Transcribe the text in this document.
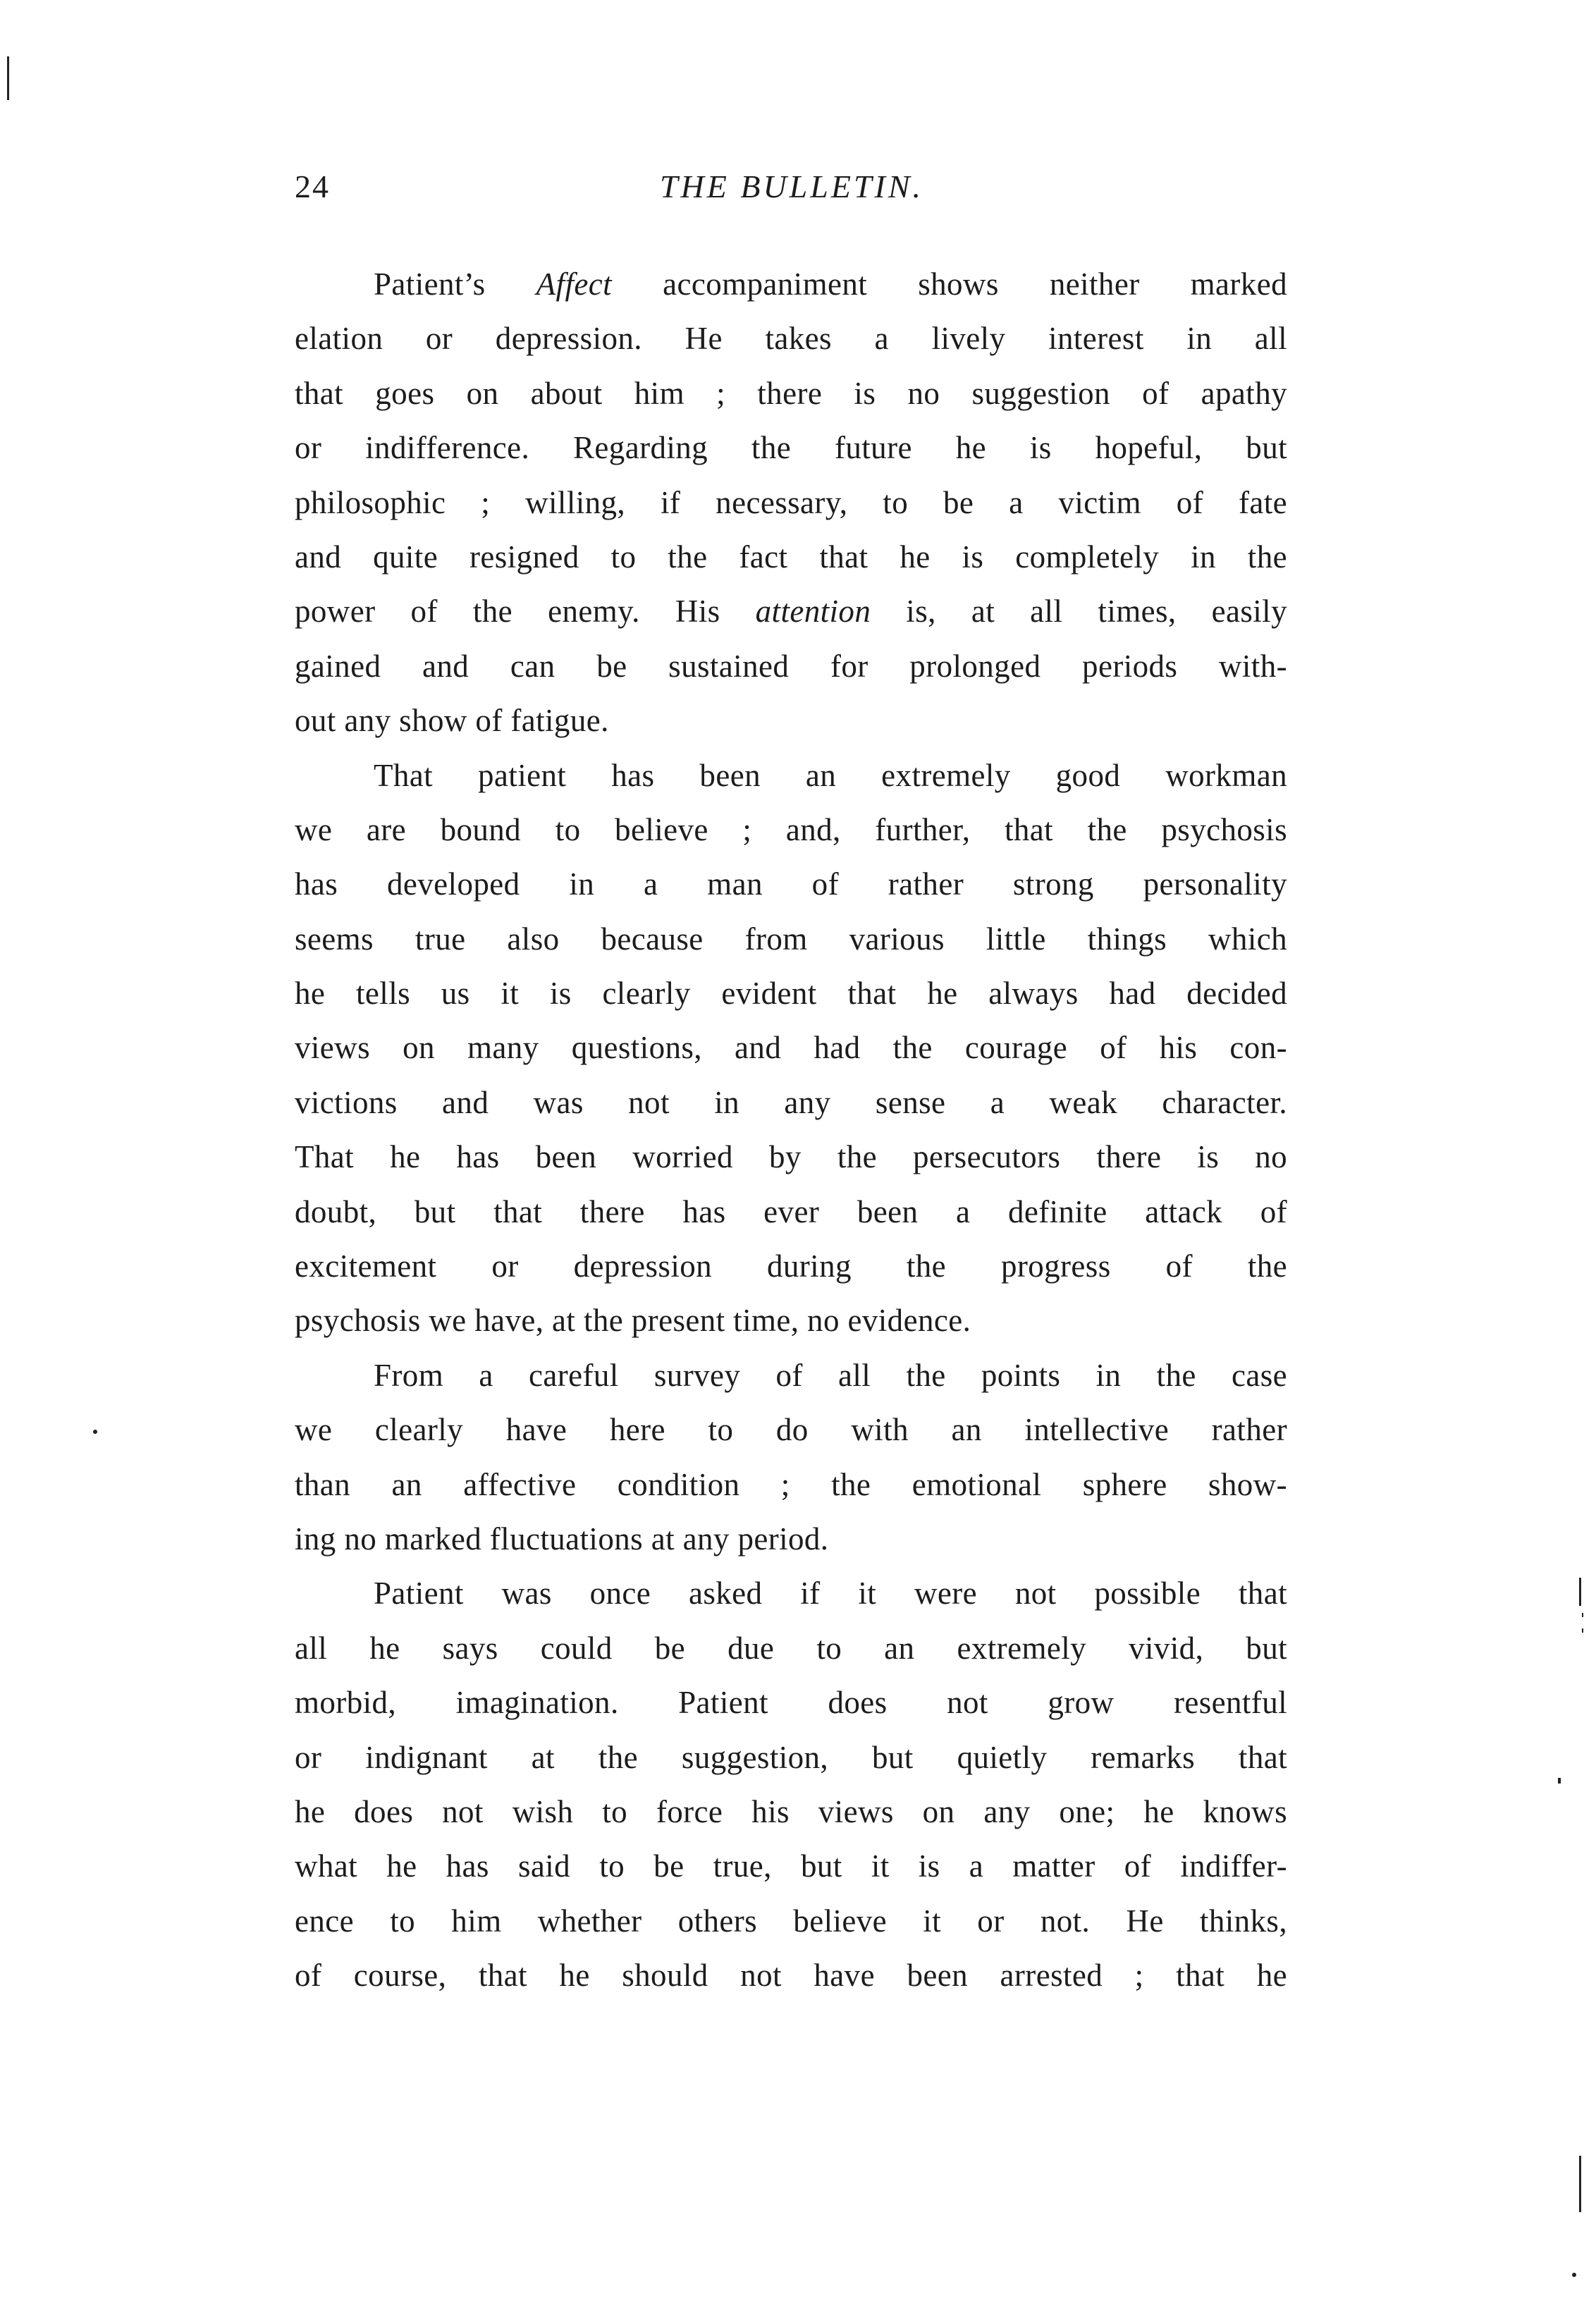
24	THE BULLETIN.
Patient’s Affect accompaniment shows neither marked
elation or depression. He takes a lively interest in all
that goes on about him ; there is no suggestion of apathy
or indifference. Regarding the future he is hopeful, but
philosophic ; willing, if necessary, to be a victim of fate
and quite resigned to the fact that he is completely in the
power of the enemy. His attention is, at all times, easily
gained and can be sustained for prolonged periods with-
out any show of fatigue.
That patient has been an extremely good workman
we are bound to believe ; and, further, that the psychosis
has developed in a man of rather strong personality
seems true also because from various little things which
he tells us it is clearly evident that he always had decided
views on many questions, and had the courage of his con-
victions and was not in any sense a weak character.
That he has been worried by the persecutors there is no
doubt, but that there has ever been a definite attack of
excitement or depression during the progress of the
psychosis we have, at the present time, no evidence.
From a careful survey of all the points in the case
we clearly have here to do with an intellective rather
than an affective condition ; the emotional sphere show-
ing no marked fluctuations at any period.
Patient was once asked if it were not possible that
all he says could be due to an extremely vivid, but
morbid, imagination. Patient does not grow resentful
or indignant at the suggestion, but quietly remarks that
he does not wish to force his views on any one; he knows
what he has said to be true, but it is a matter of indiffer-
ence to him whether others believe it or not. He thinks,
of course, that he should not have been arrested ; that he
